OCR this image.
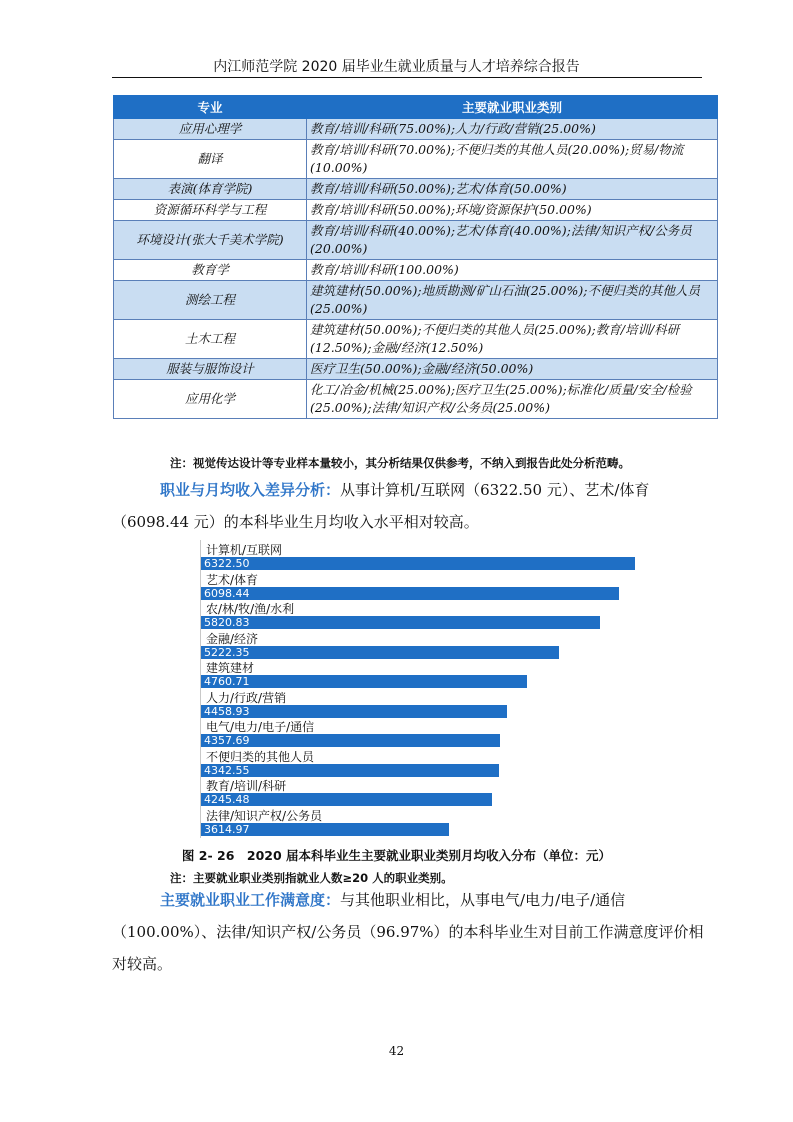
内江师范学院 2020 届毕业生就业质量与人才培养综合报告
专业	主要就业职业类别
应用心理学	教育/培训/科研(75.00%);人力/行政/营销(25.00%)
翻译	教育/培训/科研(70.00%);不便归类的其他人员(20.00%);贸易/物流(10.00%)
表演(体育学院)	教育/培训/科研(50.00%);艺术/体育(50.00%)
资源循环科学与工程	教育/培训/科研(50.00%);环境/资源保护(50.00%)
环境设计(张大千美术学院)	教育/培训/科研(40.00%);艺术/体育(40.00%);法律/知识产权/公务员(20.00%)
教育学	教育/培训/科研(100.00%)
测绘工程	建筑建材(50.00%);地质勘测/矿山石油(25.00%);不便归类的其他人员(25.00%)
土木工程	建筑建材(50.00%);不便归类的其他人员(25.00%);教育/培训/科研(12.50%);金融/经济(12.50%)
服装与服饰设计	医疗卫生(50.00%);金融/经济(50.00%)
应用化学	化工/冶金/机械(25.00%);医疗卫生(25.00%);标准化/质量/安全/检验(25.00%);法律/知识产权/公务员(25.00%)
注：视觉传达设计等专业样本量较小，其分析结果仅供参考，不纳入到报告此处分析范畴。
职业与月均收入差异分析：从事计算机/互联网（6322.50 元）、艺术/体育（6098.44 元）的本科毕业生月均收入水平相对较高。
计算机/互联网
6322.50
艺术/体育
6098.44
农/林/牧/渔/水利
5820.83
金融/经济
5222.35
建筑建材
4760.71
人力/行政/营销
4458.93
电气/电力/电子/通信
4357.69
不便归类的其他人员
4342.55
教育/培训/科研
4245.48
法律/知识产权/公务员
3614.97
图 2- 26　2020 届本科毕业生主要就业职业类别月均收入分布（单位：元）
注：主要就业职业类别指就业人数≥20 人的职业类别。
主要就业职业工作满意度：与其他职业相比，从事电气/电力/电子/通信（100.00%）、法律/知识产权/公务员（96.97%）的本科毕业生对目前工作满意度评价相对较高。
42
